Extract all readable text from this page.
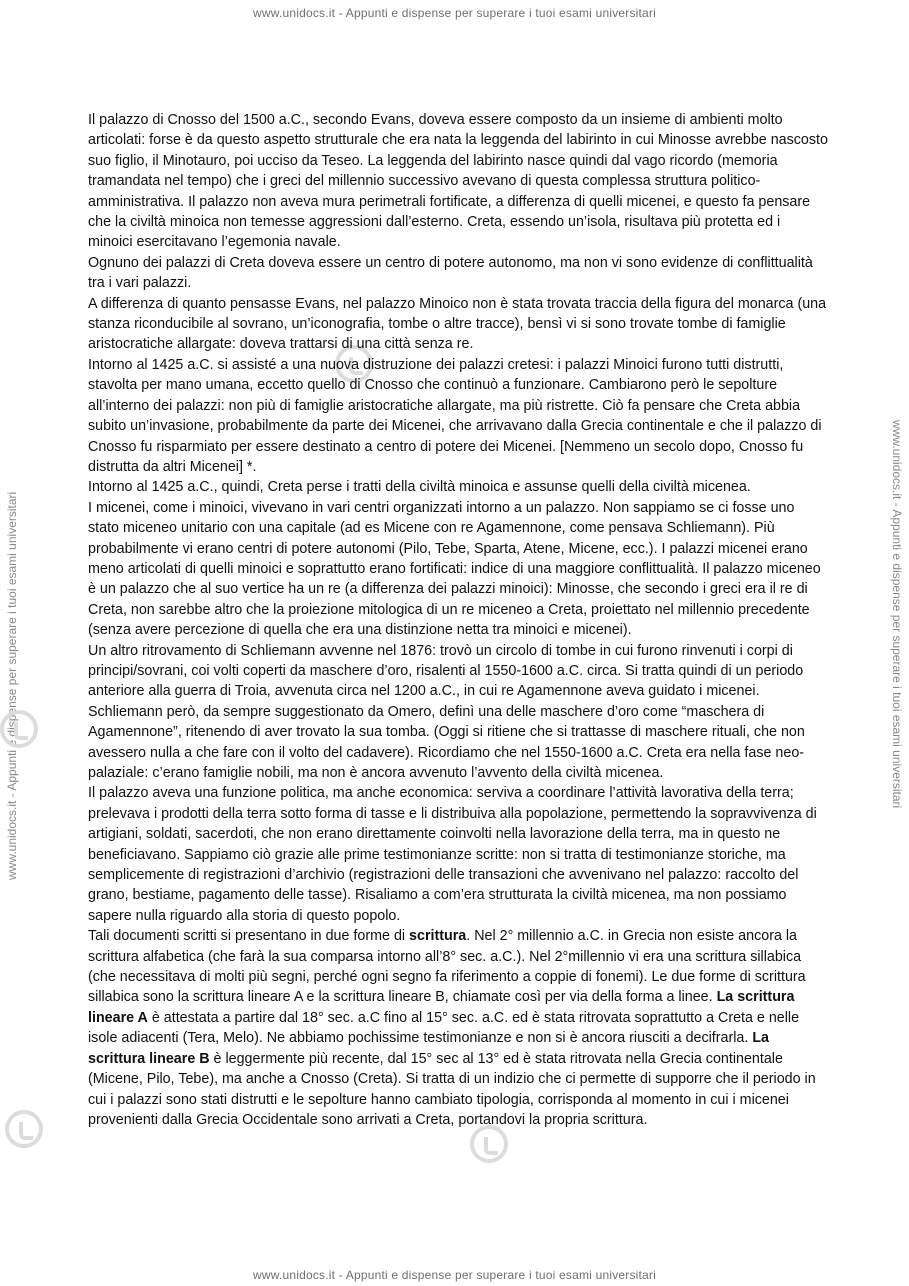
www.unidocs.it - Appunti e dispense per superare i tuoi esami universitari
www.unidocs.it - Appunti e dispense per superare i tuoi esami universitari	www.unidocs.it - Appunti e dispense per superare i tuoi esami universitari

Il palazzo di Cnosso del 1500 a.C., secondo Evans, doveva essere composto da un insieme di ambienti molto articolati: forse è da questo aspetto strutturale che era nata la leggenda del labirinto in cui Minosse avrebbe nascosto suo figlio, il Minotauro, poi ucciso da Teseo. La leggenda del labirinto nasce quindi dal vago ricordo (memoria tramandata nel tempo) che i greci del millennio successivo avevano di questa complessa struttura politico-amministrativa. Il palazzo non aveva mura perimetrali fortificate, a differenza di quelli micenei, e questo fa pensare che la civiltà minoica non temesse aggressioni dall’esterno. Creta, essendo un’isola, risultava più protetta ed i minoici esercitavano l’egemonia navale.

Ognuno dei palazzi di Creta doveva essere un centro di potere autonomo, ma non vi sono evidenze di conflittualità tra i vari palazzi.

A differenza di quanto pensasse Evans, nel palazzo Minoico non è stata trovata traccia della figura del monarca (una stanza riconducibile al sovrano, un’iconografia, tombe o altre tracce), bensì vi si sono trovate tombe di famiglie aristocratiche allargate: doveva trattarsi di una città senza re.

Intorno al 1425 a.C. si assisté a una nuova distruzione dei palazzi cretesi: i palazzi Minoici furono tutti distrutti, stavolta per mano umana, eccetto quello di Cnosso che continuò a funzionare. Cambiarono però le sepolture all’interno dei palazzi: non più di famiglie aristocratiche allargate, ma più ristrette. Ciò fa pensare che Creta abbia subito un’invasione, probabilmente da parte dei Micenei, che arrivavano dalla Grecia continentale e che il palazzo di Cnosso fu risparmiato per essere destinato a centro di potere dei Micenei. [Nemmeno un secolo dopo, Cnosso fu distrutta da altri Micenei] *.

Intorno al 1425 a.C., quindi, Creta perse i tratti della civiltà minoica e assunse quelli della civiltà micenea.

I micenei, come i minoici, vivevano in vari centri organizzati intorno a un palazzo. Non sappiamo se ci fosse uno stato miceneo unitario con una capitale (ad es Micene con re Agamennone, come pensava Schliemann). Più probabilmente vi erano centri di potere autonomi (Pilo, Tebe, Sparta, Atene, Micene, ecc.). I palazzi micenei erano meno articolati di quelli minoici e soprattutto erano fortificati: indice di una maggiore conflittualità. Il palazzo miceneo è un palazzo che al suo vertice ha un re (a differenza dei palazzi minoici): Minosse, che secondo i greci era il re di Creta, non sarebbe altro che la proiezione mitologica di un re miceneo a Creta, proiettato nel millennio precedente (senza avere percezione di quella che era una distinzione netta tra minoici e micenei).

Un altro ritrovamento di Schliemann avvenne nel 1876: trovò un circolo di tombe in cui furono rinvenuti i corpi di principi/sovrani, coi volti coperti da maschere d’oro, risalenti al 1550-1600 a.C. circa. Si tratta quindi di un periodo anteriore alla guerra di Troia, avvenuta circa nel 1200 a.C., in cui re Agamennone aveva guidato i micenei. Schliemann però, da sempre suggestionato da Omero, definì una delle maschere d’oro come “maschera di Agamennone”, ritenendo di aver trovato la sua tomba. (Oggi si ritiene che si trattasse di maschere rituali, che non avessero nulla a che fare con il volto del cadavere). Ricordiamo che nel 1550-1600 a.C. Creta era nella fase neo-palaziale: c’erano famiglie nobili, ma non è ancora avvenuto l’avvento della civiltà micenea.

Il palazzo aveva una funzione politica, ma anche economica: serviva a coordinare l’attività lavorativa della terra; prelevava i prodotti della terra sotto forma di tasse e li distribuiva alla popolazione, permettendo la sopravvivenza di artigiani, soldati, sacerdoti, che non erano direttamente coinvolti nella lavorazione della terra, ma in questo ne beneficiavano. Sappiamo ciò grazie alle prime testimonianze scritte: non si tratta di testimonianze storiche, ma semplicemente di registrazioni d’archivio (registrazioni delle transazioni che avvenivano nel palazzo: raccolto del grano, bestiame, pagamento delle tasse). Risaliamo a com’era strutturata la civiltà micenea, ma non possiamo sapere nulla riguardo alla storia di questo popolo.

Tali documenti scritti si presentano in due forme di scrittura. Nel 2° millennio a.C. in Grecia non esiste ancora la scrittura alfabetica (che farà la sua comparsa intorno all’8° sec. a.C.). Nel 2°millennio vi era una scrittura sillabica (che necessitava di molti più segni, perché ogni segno fa riferimento a coppie di fonemi). Le due forme di scrittura sillabica sono la scrittura lineare A e la scrittura lineare B, chiamate così per via della forma a linee. La scrittura lineare A è attestata a partire dal 18° sec. a.C fino al 15° sec. a.C. ed è stata ritrovata soprattutto a Creta e nelle isole adiacenti (Tera, Melo). Ne abbiamo pochissime testimonianze e non si è ancora riusciti a decifrarla. La scrittura lineare B è leggermente più recente, dal 15° sec al 13° ed è stata ritrovata nella Grecia continentale (Micene, Pilo, Tebe), ma anche a Cnosso (Creta). Si tratta di un indizio che ci permette di supporre che il periodo in cui i palazzi sono stati distrutti e le sepolture hanno cambiato tipologia, corrisponda al momento in cui i micenei provenienti dalla Grecia Occidentale sono arrivati a Creta, portandovi la propria scrittura.

www.unidocs.it - Appunti e dispense per superare i tuoi esami universitari
